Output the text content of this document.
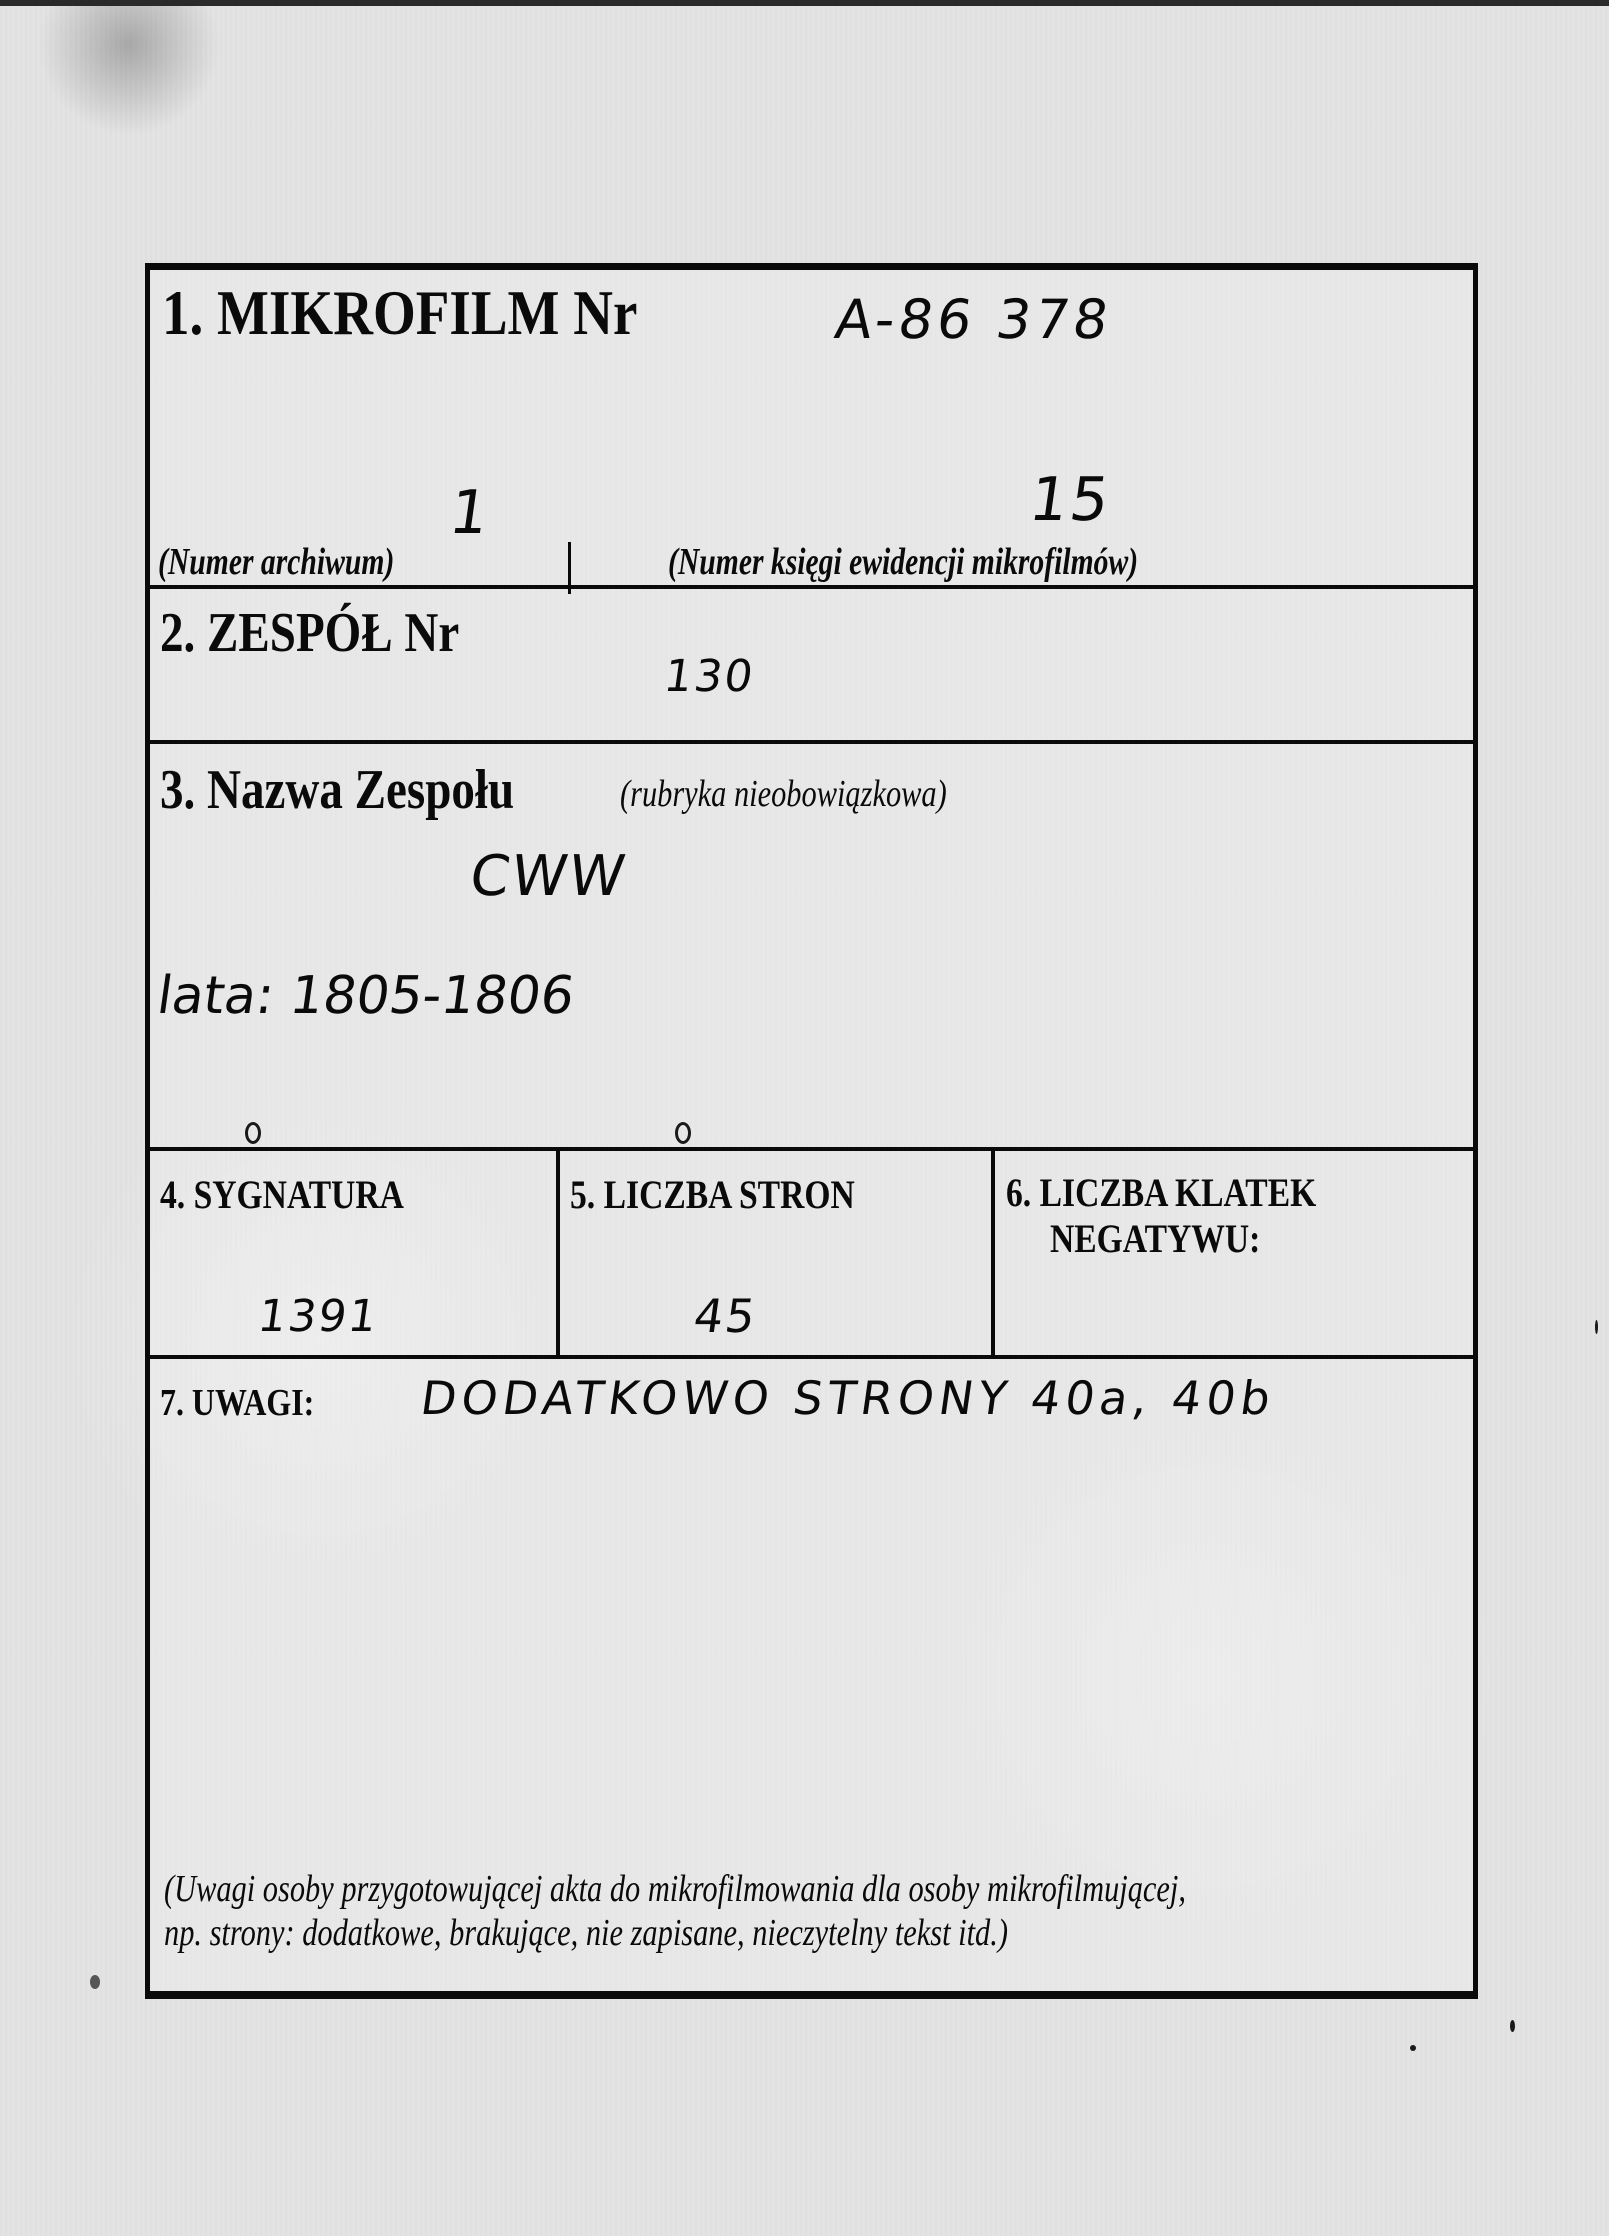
1. MIKROFILM Nr	A-86 378
1	15
(Numer archiwum)	(Numer księgi ewidencji mikrofilmów)
2. ZESPÓŁ Nr
130
3. Nazwa Zespołu	(rubryka nieobowiązkowa)
CWW
lata: 1805-1806
4. SYGNATURA
1391
5. LICZBA STRON
45
6. LICZBA KLATEK
NEGATYWU:
7. UWAGI: DODATKOWO STRONY 40a, 40b
(Uwagi osoby przygotowującej akta do mikrofilmowania dla osoby mikrofilmującej,
np. strony: dodatkowe, brakujące, nie zapisane, nieczytelny tekst itd.)
